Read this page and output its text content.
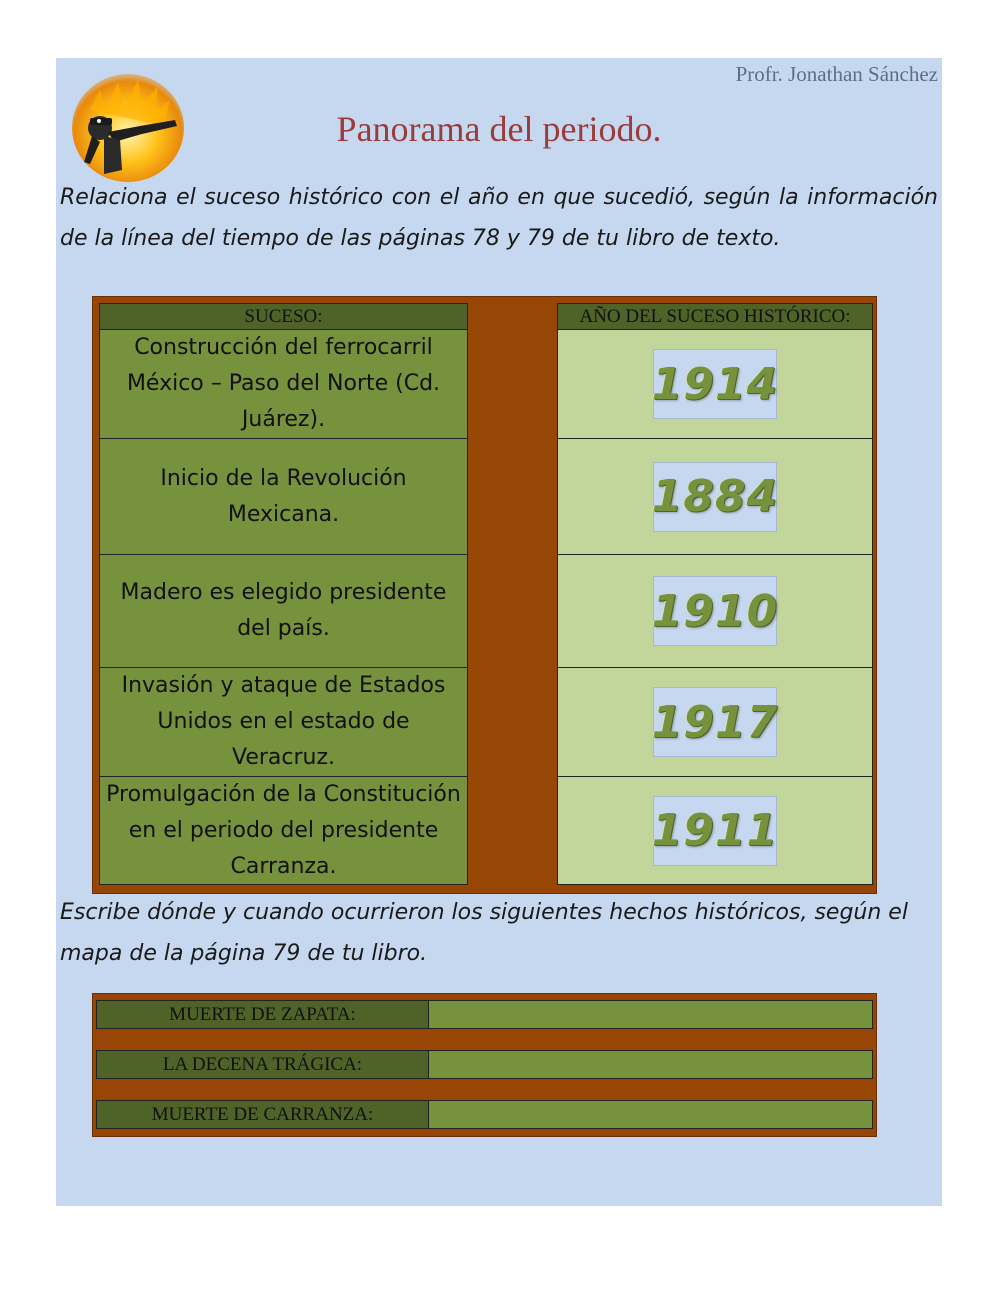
Profr. Jonathan Sánchez
Panorama del periodo.
Relaciona el suceso histórico con el año en que sucedió, según la información de la línea del tiempo de las páginas 78 y 79 de tu libro de texto.
SUCESO:
Construcción del ferrocarril México – Paso del Norte (Cd. Juárez).
Inicio de la Revolución Mexicana.
Madero es elegido presidente del país.
Invasión y ataque de Estados Unidos en el estado de Veracruz.
Promulgación de la Constitución en el periodo del presidente Carranza.
AÑO DEL SUCESO HISTÓRICO:
1914
1884
1910
1917
1911
Escribe dónde y cuando ocurrieron los siguientes hechos históricos, según el mapa de la página 79 de tu libro.
MUERTE DE ZAPATA:
LA DECENA TRÁGICA:
MUERTE DE CARRANZA:
